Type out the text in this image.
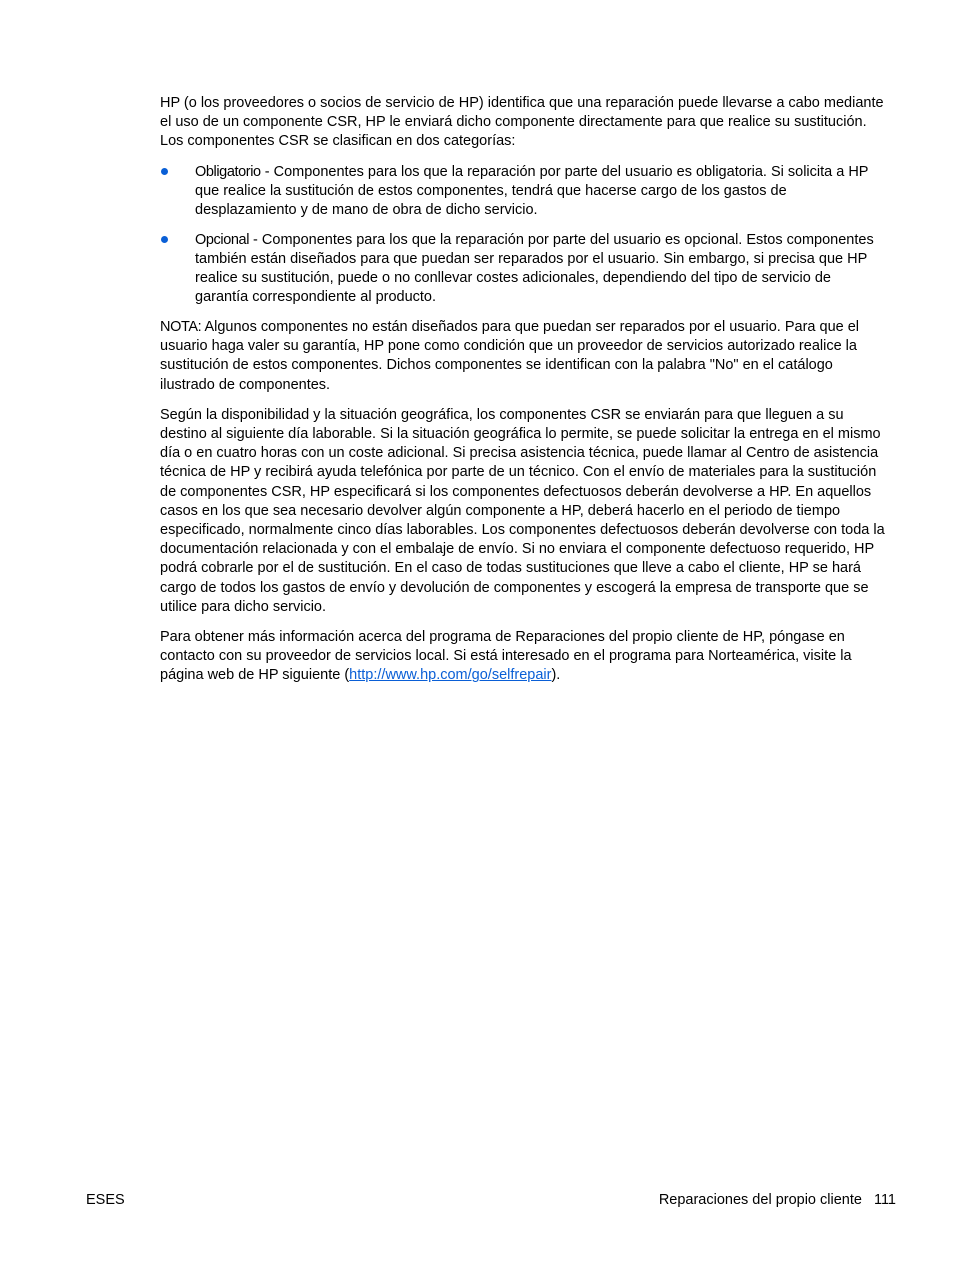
HP (o los proveedores o socios de servicio de HP) identifica que una reparación puede llevarse a cabo mediante el uso de un componente CSR, HP le enviará dicho componente directamente para que realice su sustitución. Los componentes CSR se clasifican en dos categorías:

Obligatorio - Componentes para los que la reparación por parte del usuario es obligatoria. Si solicita a HP que realice la sustitución de estos componentes, tendrá que hacerse cargo de los gastos de desplazamiento y de mano de obra de dicho servicio.
Opcional - Componentes para los que la reparación por parte del usuario es opcional. Estos componentes también están diseñados para que puedan ser reparados por el usuario. Sin embargo, si precisa que HP realice su sustitución, puede o no conllevar costes adicionales, dependiendo del tipo de servicio de garantía correspondiente al producto.

NOTA: Algunos componentes no están diseñados para que puedan ser reparados por el usuario. Para que el usuario haga valer su garantía, HP pone como condición que un proveedor de servicios autorizado realice la sustitución de estos componentes. Dichos componentes se identifican con la palabra "No" en el catálogo ilustrado de componentes.

Según la disponibilidad y la situación geográfica, los componentes CSR se enviarán para que lleguen a su destino al siguiente día laborable. Si la situación geográfica lo permite, se puede solicitar la entrega en el mismo día o en cuatro horas con un coste adicional. Si precisa asistencia técnica, puede llamar al Centro de asistencia técnica de HP y recibirá ayuda telefónica por parte de un técnico. Con el envío de materiales para la sustitución de componentes CSR, HP especificará si los componentes defectuosos deberán devolverse a HP. En aquellos casos en los que sea necesario devolver algún componente a HP, deberá hacerlo en el periodo de tiempo especificado, normalmente cinco días laborables. Los componentes defectuosos deberán devolverse con toda la documentación relacionada y con el embalaje de envío. Si no enviara el componente defectuoso requerido, HP podrá cobrarle por el de sustitución. En el caso de todas sustituciones que lleve a cabo el cliente, HP se hará cargo de todos los gastos de envío y devolución de componentes y escogerá la empresa de transporte que se utilice para dicho servicio.

Para obtener más información acerca del programa de Reparaciones del propio cliente de HP, póngase en contacto con su proveedor de servicios local. Si está interesado en el programa para Norteamérica, visite la página web de HP siguiente (http://www.hp.com/go/selfrepair).

ESES	Reparaciones del propio cliente 111
